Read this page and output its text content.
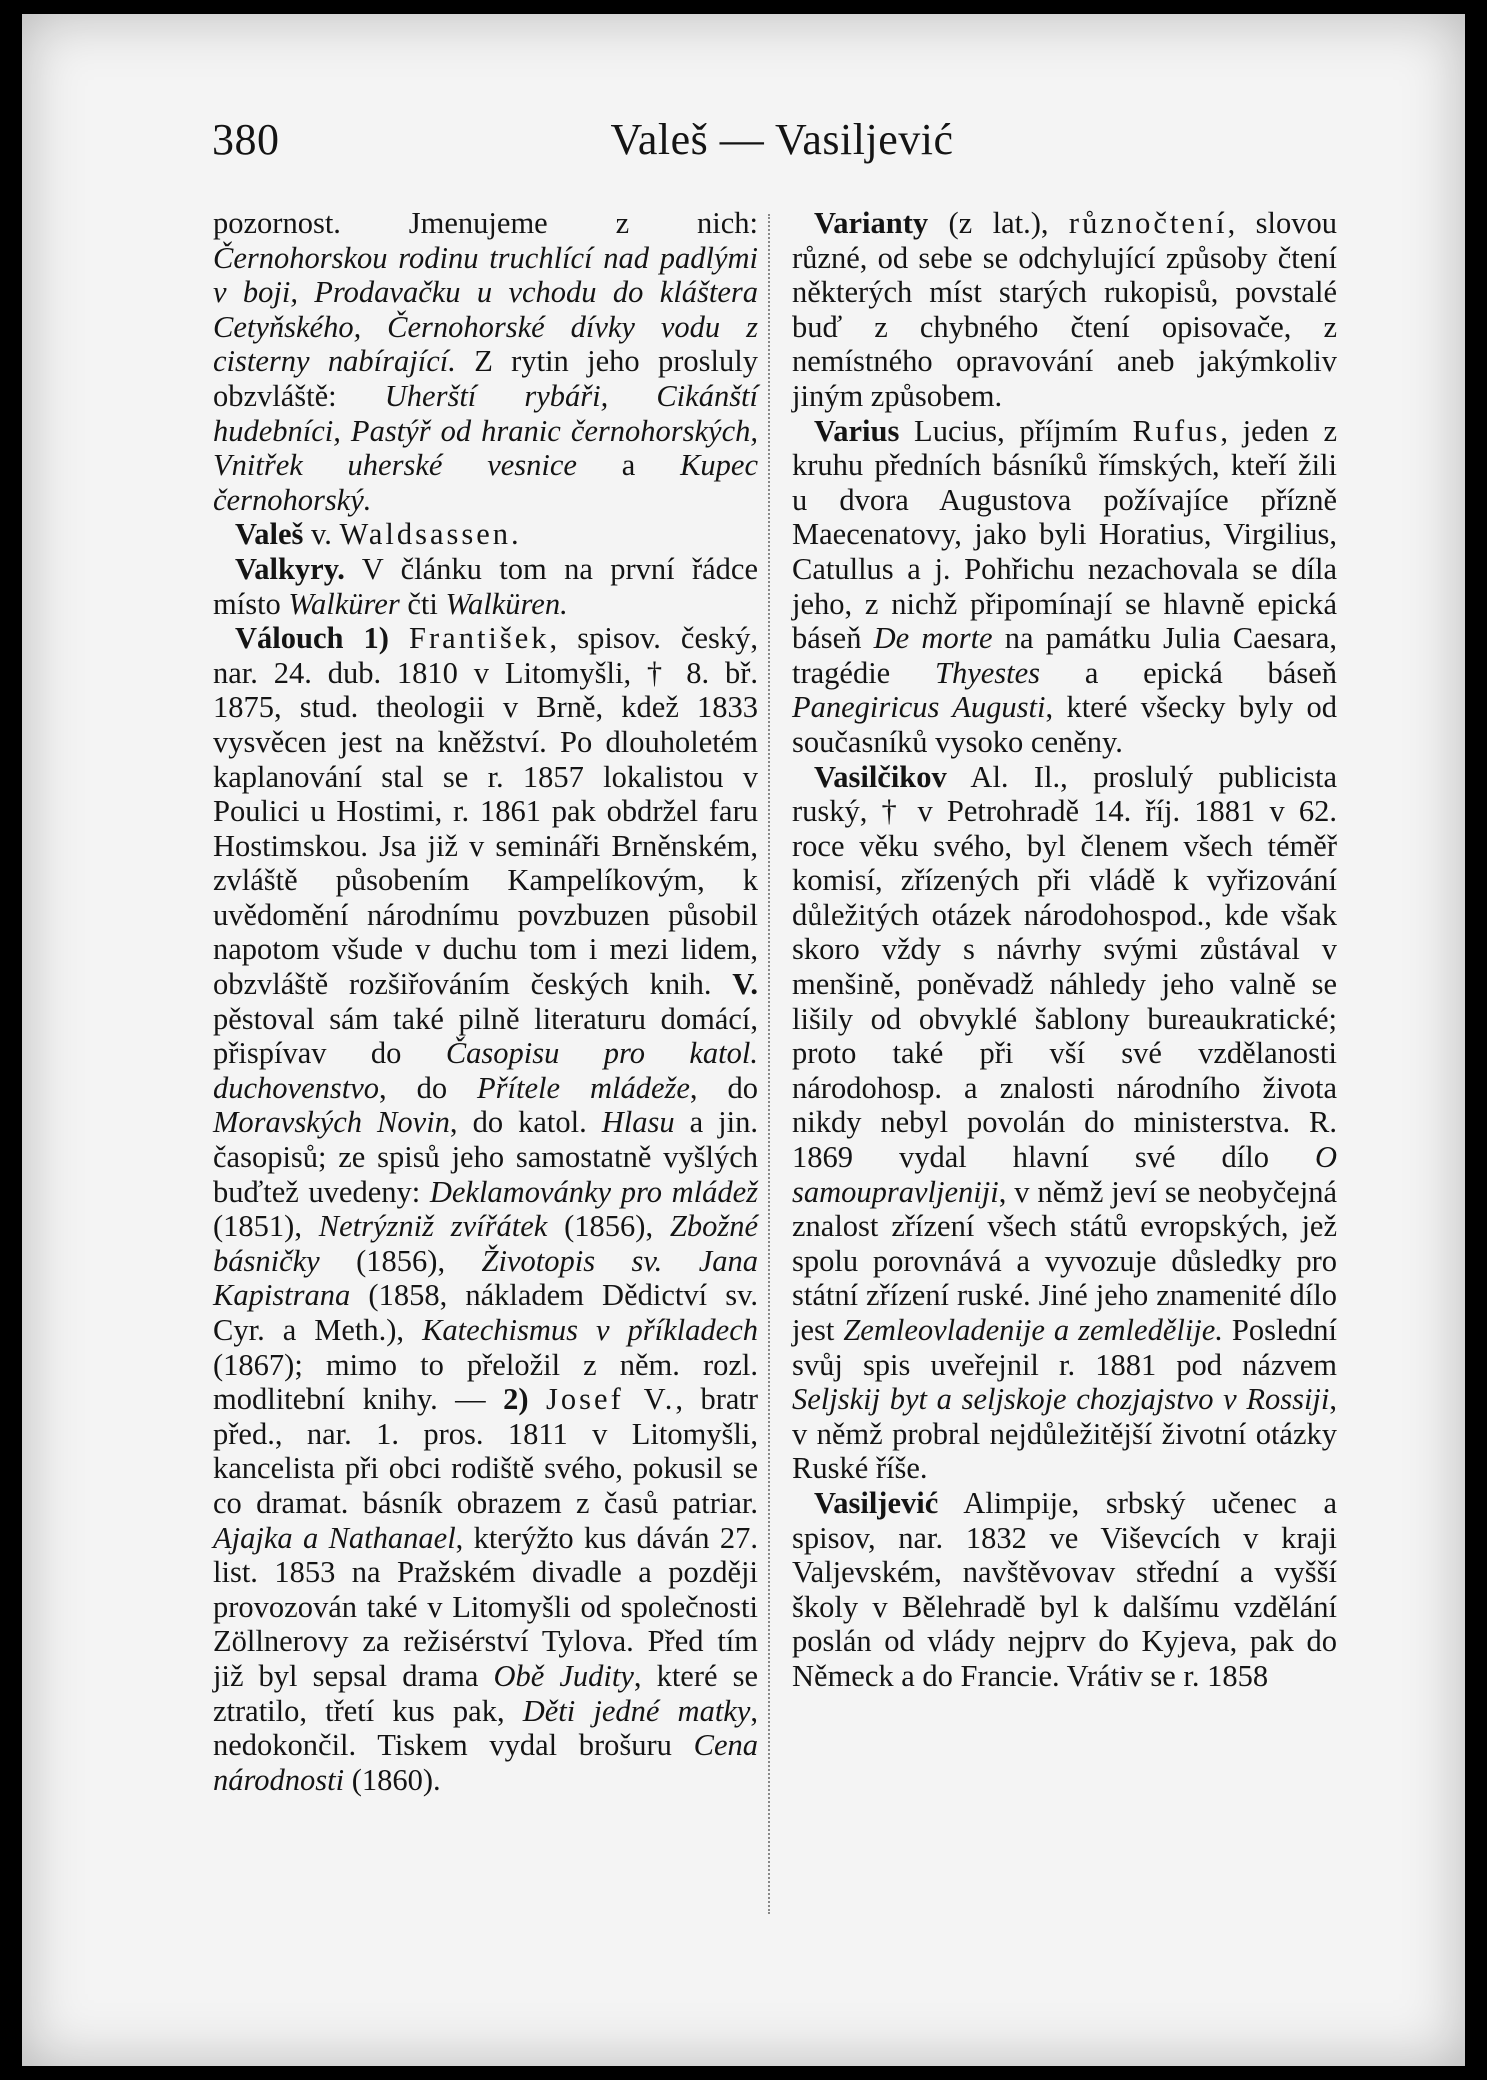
380	Valeš — Vasiljević

pozornost. Jmenujeme z nich: Černohorskou rodinu truchlící nad padlými v boji, Prodavačku u vchodu do kláštera Cetyňského, Černohorské dívky vodu z cisterny nabírající. Z rytin jeho prosluly obzvláště: Uherští rybáři, Cikánští hudebníci, Pastýř od hranic černohorských, Vnitřek uherské vesnice a Kupec černohorský.

Valeš v. Waldsassen.

Valkyry. V článku tom na první řádce místo Walkürer čti Walküren.

Válouch 1) František, spisov. český, nar. 24. dub. 1810 v Litomyšli, † 8. bř. 1875, stud. theologii v Brně, kdež 1833 vysvěcen jest na kněžství. Po dlouholetém kaplanování stal se r. 1857 lokalistou v Poulici u Hostimi, r. 1861 pak obdržel faru Hostimskou. Jsa již v semináři Brněnském, zvláště působením Kampelíkovým, k uvědomění národnímu povzbuzen působil napotom všude v duchu tom i mezi lidem, obzvláště rozšiřováním českých knih. V. pěstoval sám také pilně literaturu domácí, přispívav do Časopisu pro katol. duchovenstvo, do Přítele mládeže, do Moravských Novin, do katol. Hlasu a jin. časopisů; ze spisů jeho samostatně vyšlých buďtež uvedeny: Deklamovánky pro mládež (1851), Netrýzniž zvířátek (1856), Zbožné básničky (1856), Životopis sv. Jana Kapistrana (1858, nákladem Dědictví sv. Cyr. a Meth.), Katechismus v příkladech (1867); mimo to přeložil z něm. rozl. modlitební knihy. — 2) Josef V., bratr před., nar. 1. pros. 1811 v Litomyšli, kancelista při obci rodiště svého, pokusil se co dramat. básník obrazem z časů patriar. Ajajka a Nathanael, kterýžto kus dáván 27. list. 1853 na Pražském divadle a později provozován také v Litomyšli od společnosti Zöllnerovy za režisérství Tylova. Před tím již byl sepsal drama Obě Judity, které se ztratilo, třetí kus pak, Děti jedné matky, nedokončil. Tiskem vydal brošuru Cena národnosti (1860).

Varianty (z lat.), různočtení, slovou různé, od sebe se odchylující způsoby čtení některých míst starých rukopisů, povstalé buď z chybného čtení opisovače, z nemístného opravování aneb jakýmkoliv jiným způsobem.

Varius Lucius, příjmím Rufus, jeden z kruhu předních básníků římských, kteří žili u dvora Augustova požívajíce přízně Maecenatovy, jako byli Horatius, Virgilius, Catullus a j. Pohřichu nezachovala se díla jeho, z nichž připomínají se hlavně epická báseň De morte na památku Julia Caesara, tragédie Thyestes a epická báseň Panegiricus Augusti, které všecky byly od současníků vysoko ceněny.

Vasilčikov Al. Il., proslulý publicista ruský, † v Petrohradě 14. říj. 1881 v 62. roce věku svého, byl členem všech téměř komisí, zřízených při vládě k vyřizování důležitých otázek národohospod., kde však skoro vždy s návrhy svými zůstával v menšině, poněvadž náhledy jeho valně se lišily od obvyklé šablony bureaukratické; proto také při vší své vzdělanosti národohosp. a znalosti národního života nikdy nebyl povolán do ministerstva. R. 1869 vydal hlavní své dílo O samoupravljeniji, v němž jeví se neobyčejná znalost zřízení všech států evropských, jež spolu porovnává a vyvozuje důsledky pro státní zřízení ruské. Jiné jeho znamenité dílo jest Zemleovladenije a zemledělije. Poslední svůj spis uveřejnil r. 1881 pod názvem Seljskij byt a seljskoje chozjajstvo v Rossiji, v němž probral nejdůležitější životní otázky Ruské říše.

Vasiljević Alimpije, srbský učenec a spisov, nar. 1832 ve Viševcích v kraji Valjevském, navštěvovav střední a vyšší školy v Bělehradě byl k dalšímu vzdělání poslán od vlády nejprv do Kyjeva, pak do Německ a do Francie. Vrátiv se r. 1858
